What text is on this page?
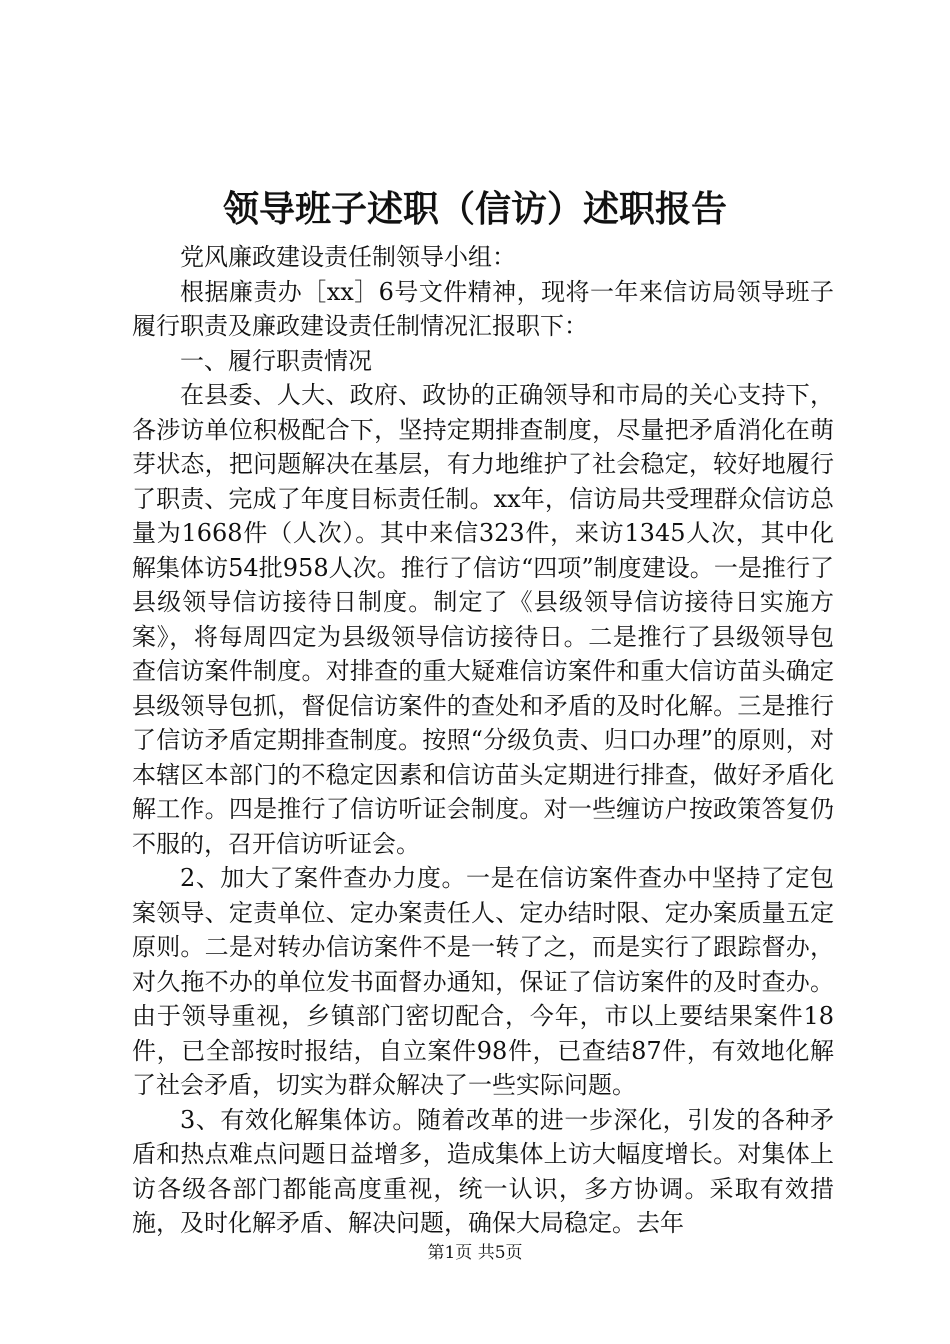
领导班子述职（信访）述职报告

党风廉政建设责任制领导小组：

根据廉责办［xx］6号文件精神，现将一年来信访局领导班子履行职责及廉政建设责任制情况汇报职下：

一、履行职责情况

在县委、人大、政府、政协的正确领导和市局的关心支持下，各涉访单位积极配合下，坚持定期排查制度，尽量把矛盾消化在萌芽状态，把问题解决在基层，有力地维护了社会稳定，较好地履行了职责、完成了年度目标责任制。xx年，信访局共受理群众信访总量为1668件（人次）。其中来信323件，来访1345人次，其中化解集体访54批958人次。推行了信访“四项”制度建设。一是推行了县级领导信访接待日制度。制定了《县级领导信访接待日实施方案》，将每周四定为县级领导信访接待日。二是推行了县级领导包查信访案件制度。对排查的重大疑难信访案件和重大信访苗头确定县级领导包抓，督促信访案件的查处和矛盾的及时化解。三是推行了信访矛盾定期排查制度。按照“分级负责、归口办理”的原则，对本辖区本部门的不稳定因素和信访苗头定期进行排查，做好矛盾化解工作。四是推行了信访听证会制度。对一些缠访户按政策答复仍不服的，召开信访听证会。

2、加大了案件查办力度。一是在信访案件查办中坚持了定包案领导、定责单位、定办案责任人、定办结时限、定办案质量五定原则。二是对转办信访案件不是一转了之，而是实行了跟踪督办，对久拖不办的单位发书面督办通知，保证了信访案件的及时查办。由于领导重视，乡镇部门密切配合，今年，市以上要结果案件18件，已全部按时报结，自立案件98件，已查结87件，有效地化解了社会矛盾，切实为群众解决了一些实际问题。

3、有效化解集体访。随着改革的进一步深化，引发的各种矛盾和热点难点问题日益增多，造成集体上访大幅度增长。对集体上访各级各部门都能高度重视，统一认识，多方协调。采取有效措施，及时化解矛盾、解决问题，确保大局稳定。去年

第1页 共5页
